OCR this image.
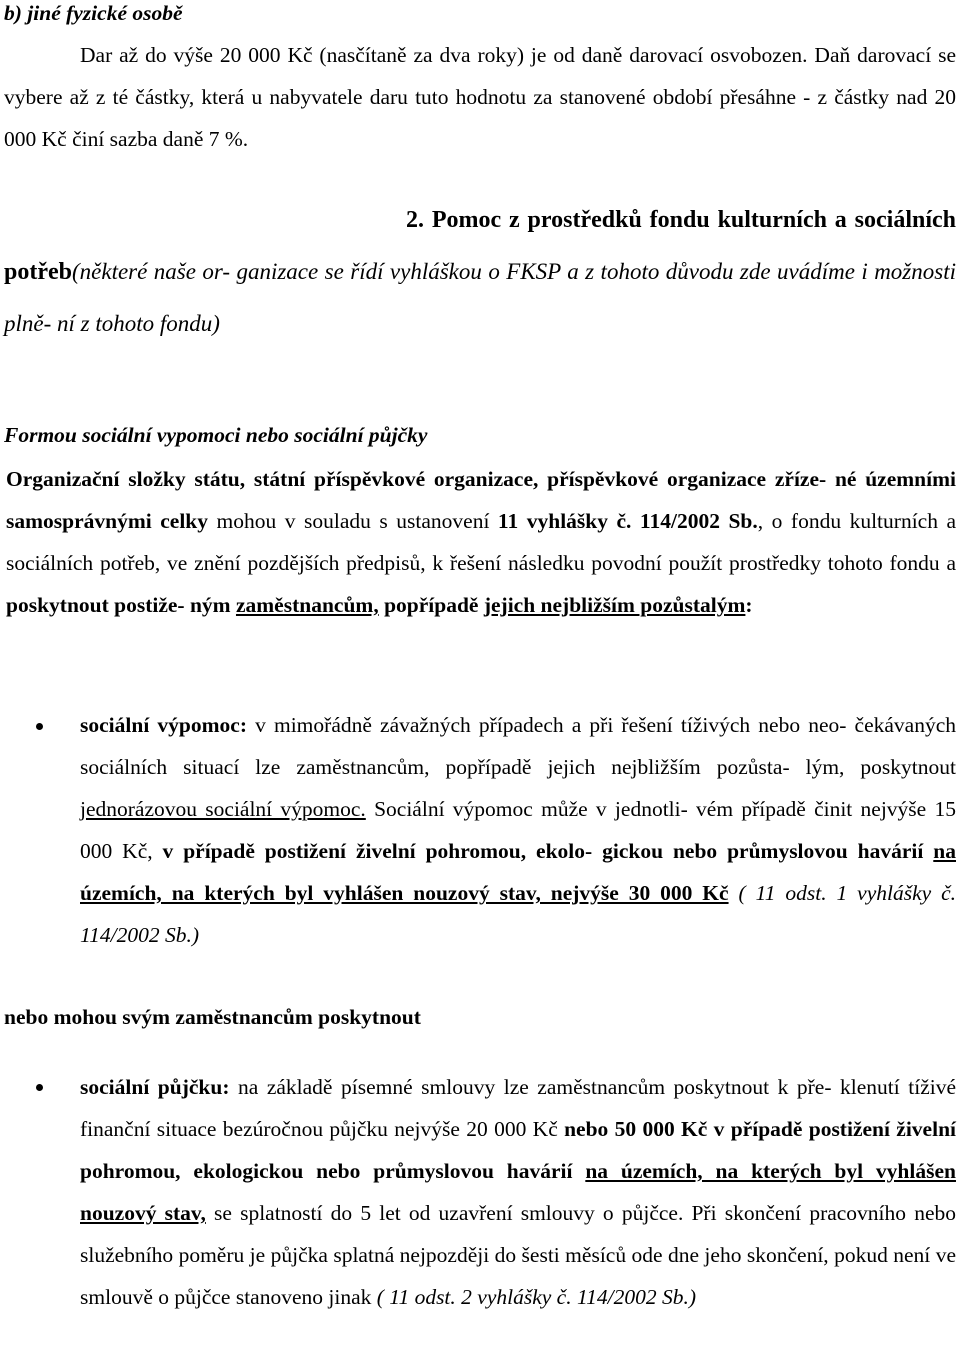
b) jiné fyzické osobě
Dar až do výše 20 000 Kč (nasčítaně za dva roky) je od daně darovací osvobozen. Daň darovací se vybere až z té částky, která u nabyvatele daru tuto hodnotu za stanovené období přesáhne - z částky nad 20 000 Kč činí sazba daně 7 %.
2. Pomoc z prostředků fondu kulturních a sociálních potřeb(některé naše or- ganizace se řídí vyhláškou o FKSP a z tohoto důvodu zde uvádíme i možnosti plně- ní z tohoto fondu)
Formou sociální vypomoci nebo sociální půjčky
Organizační složky státu, státní příspěvkové organizace, příspěvkové organizace zříze- né územními samosprávnými celky mohou v souladu s ustanovení 11 vyhlášky č. 114/2002 Sb., o fondu kulturních a sociálních potřeb, ve znění pozdějších předpisů, k řešení následku povodní použít prostředky tohoto fondu a poskytnout postiže- ným zaměstnancům, popřípadě jejich nejbližším pozůstalým:
sociální výpomoc: v mimořádně závažných případech a při řešení tíživých nebo neo- čekávaných sociálních situací lze zaměstnancům, popřípadě jejich nejbližším pozůsta- lým, poskytnout jednorázovou sociální výpomoc. Sociální výpomoc může v jednotli- vém případě činit nejvýše 15 000 Kč, v případě postižení živelní pohromou, ekolo- gickou nebo průmyslovou havárií na územích, na kterých byl vyhlášen nouzový stav, nejvýše 30 000 Kč ( 11 odst. 1 vyhlášky č. 114/2002 Sb.)
nebo mohou svým zaměstnancům poskytnout
sociální půjčku: na základě písemné smlouvy lze zaměstnancům poskytnout k pře- klenutí tíživé finanční situace bezúročnou půjčku nejvýše 20 000 Kč nebo 50 000 Kč v případě postižení živelní pohromou, ekologickou nebo průmyslovou havárií na územích, na kterých byl vyhlášen nouzový stav, se splatností do 5 let od uzavření smlouvy o půjčce. Při skončení pracovního nebo služebního poměru je půjčka splatná nejpozději do šesti měsíců ode dne jeho skončení, pokud není ve smlouvě o půjčce stanoveno jinak ( 11 odst. 2 vyhlášky č. 114/2002 Sb.)
